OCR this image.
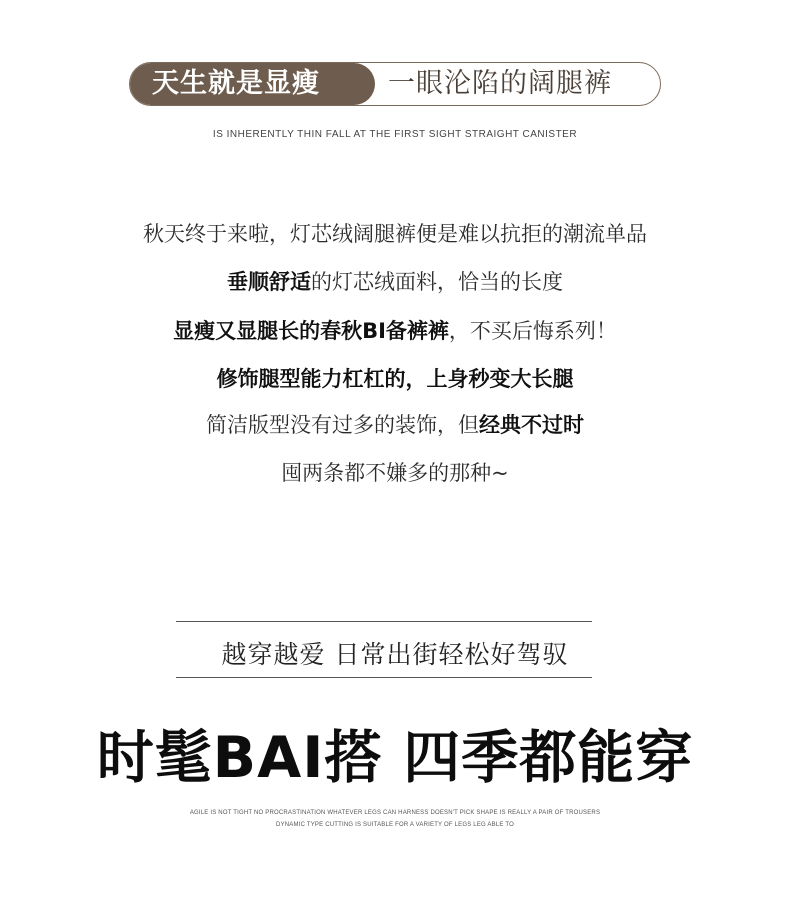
天生就是显瘦	一眼沦陷的阔腿裤
IS INHERENTLY THIN FALL AT THE FIRST SIGHT STRAIGHT CANISTER
秋天终于来啦，灯芯绒阔腿裤便是难以抗拒的潮流单品
垂顺舒适的灯芯绒面料，恰当的长度
显瘦又显腿长的春秋BI备裤裤，不买后悔系列！
修饰腿型能力杠杠的，上身秒变大长腿
简洁版型没有过多的装饰，但经典不过时
囤两条都不嫌多的那种~
越穿越爱 日常出街轻松好驾驭
时髦BAI搭 四季都能穿
AGILE IS NOT TIGHT NO PROCRASTINATION WHATEVER LEGS CAN HARNESS DOESN'T PICK SHAPE IS REALLY A PAIR OF TROUSERS
DYNAMIC TYPE CUTTING IS SUITABLE FOR A VARIETY OF LEGS LEG ABLE TO
